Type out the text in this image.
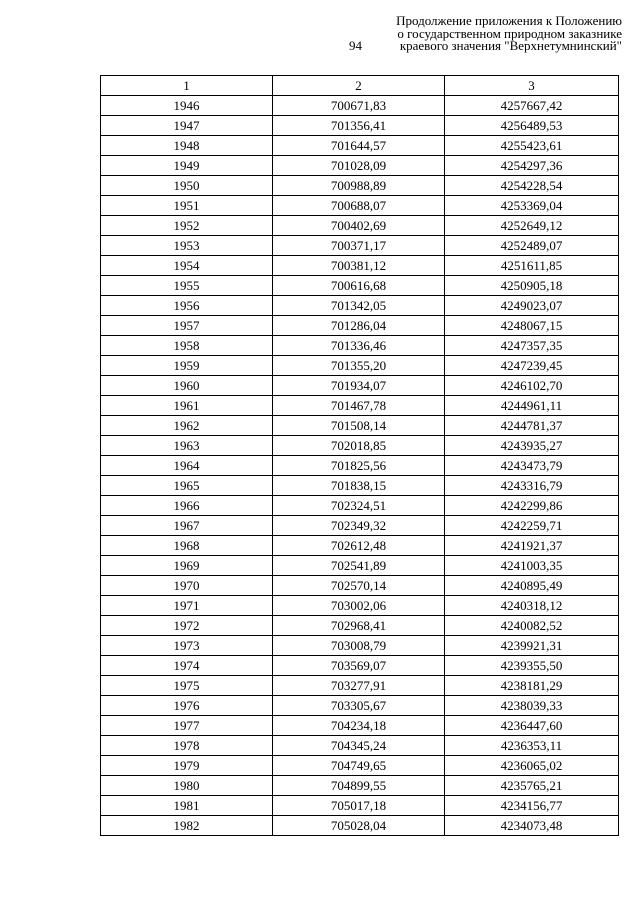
Продолжение приложения к Положению
о государственном природном заказнике
краевого значения "Верхнетумнинский"
94
1	2	3
1946	700671,83	4257667,42
1947	701356,41	4256489,53
1948	701644,57	4255423,61
1949	701028,09	4254297,36
1950	700988,89	4254228,54
1951	700688,07	4253369,04
1952	700402,69	4252649,12
1953	700371,17	4252489,07
1954	700381,12	4251611,85
1955	700616,68	4250905,18
1956	701342,05	4249023,07
1957	701286,04	4248067,15
1958	701336,46	4247357,35
1959	701355,20	4247239,45
1960	701934,07	4246102,70
1961	701467,78	4244961,11
1962	701508,14	4244781,37
1963	702018,85	4243935,27
1964	701825,56	4243473,79
1965	701838,15	4243316,79
1966	702324,51	4242299,86
1967	702349,32	4242259,71
1968	702612,48	4241921,37
1969	702541,89	4241003,35
1970	702570,14	4240895,49
1971	703002,06	4240318,12
1972	702968,41	4240082,52
1973	703008,79	4239921,31
1974	703569,07	4239355,50
1975	703277,91	4238181,29
1976	703305,67	4238039,33
1977	704234,18	4236447,60
1978	704345,24	4236353,11
1979	704749,65	4236065,02
1980	704899,55	4235765,21
1981	705017,18	4234156,77
1982	705028,04	4234073,48
